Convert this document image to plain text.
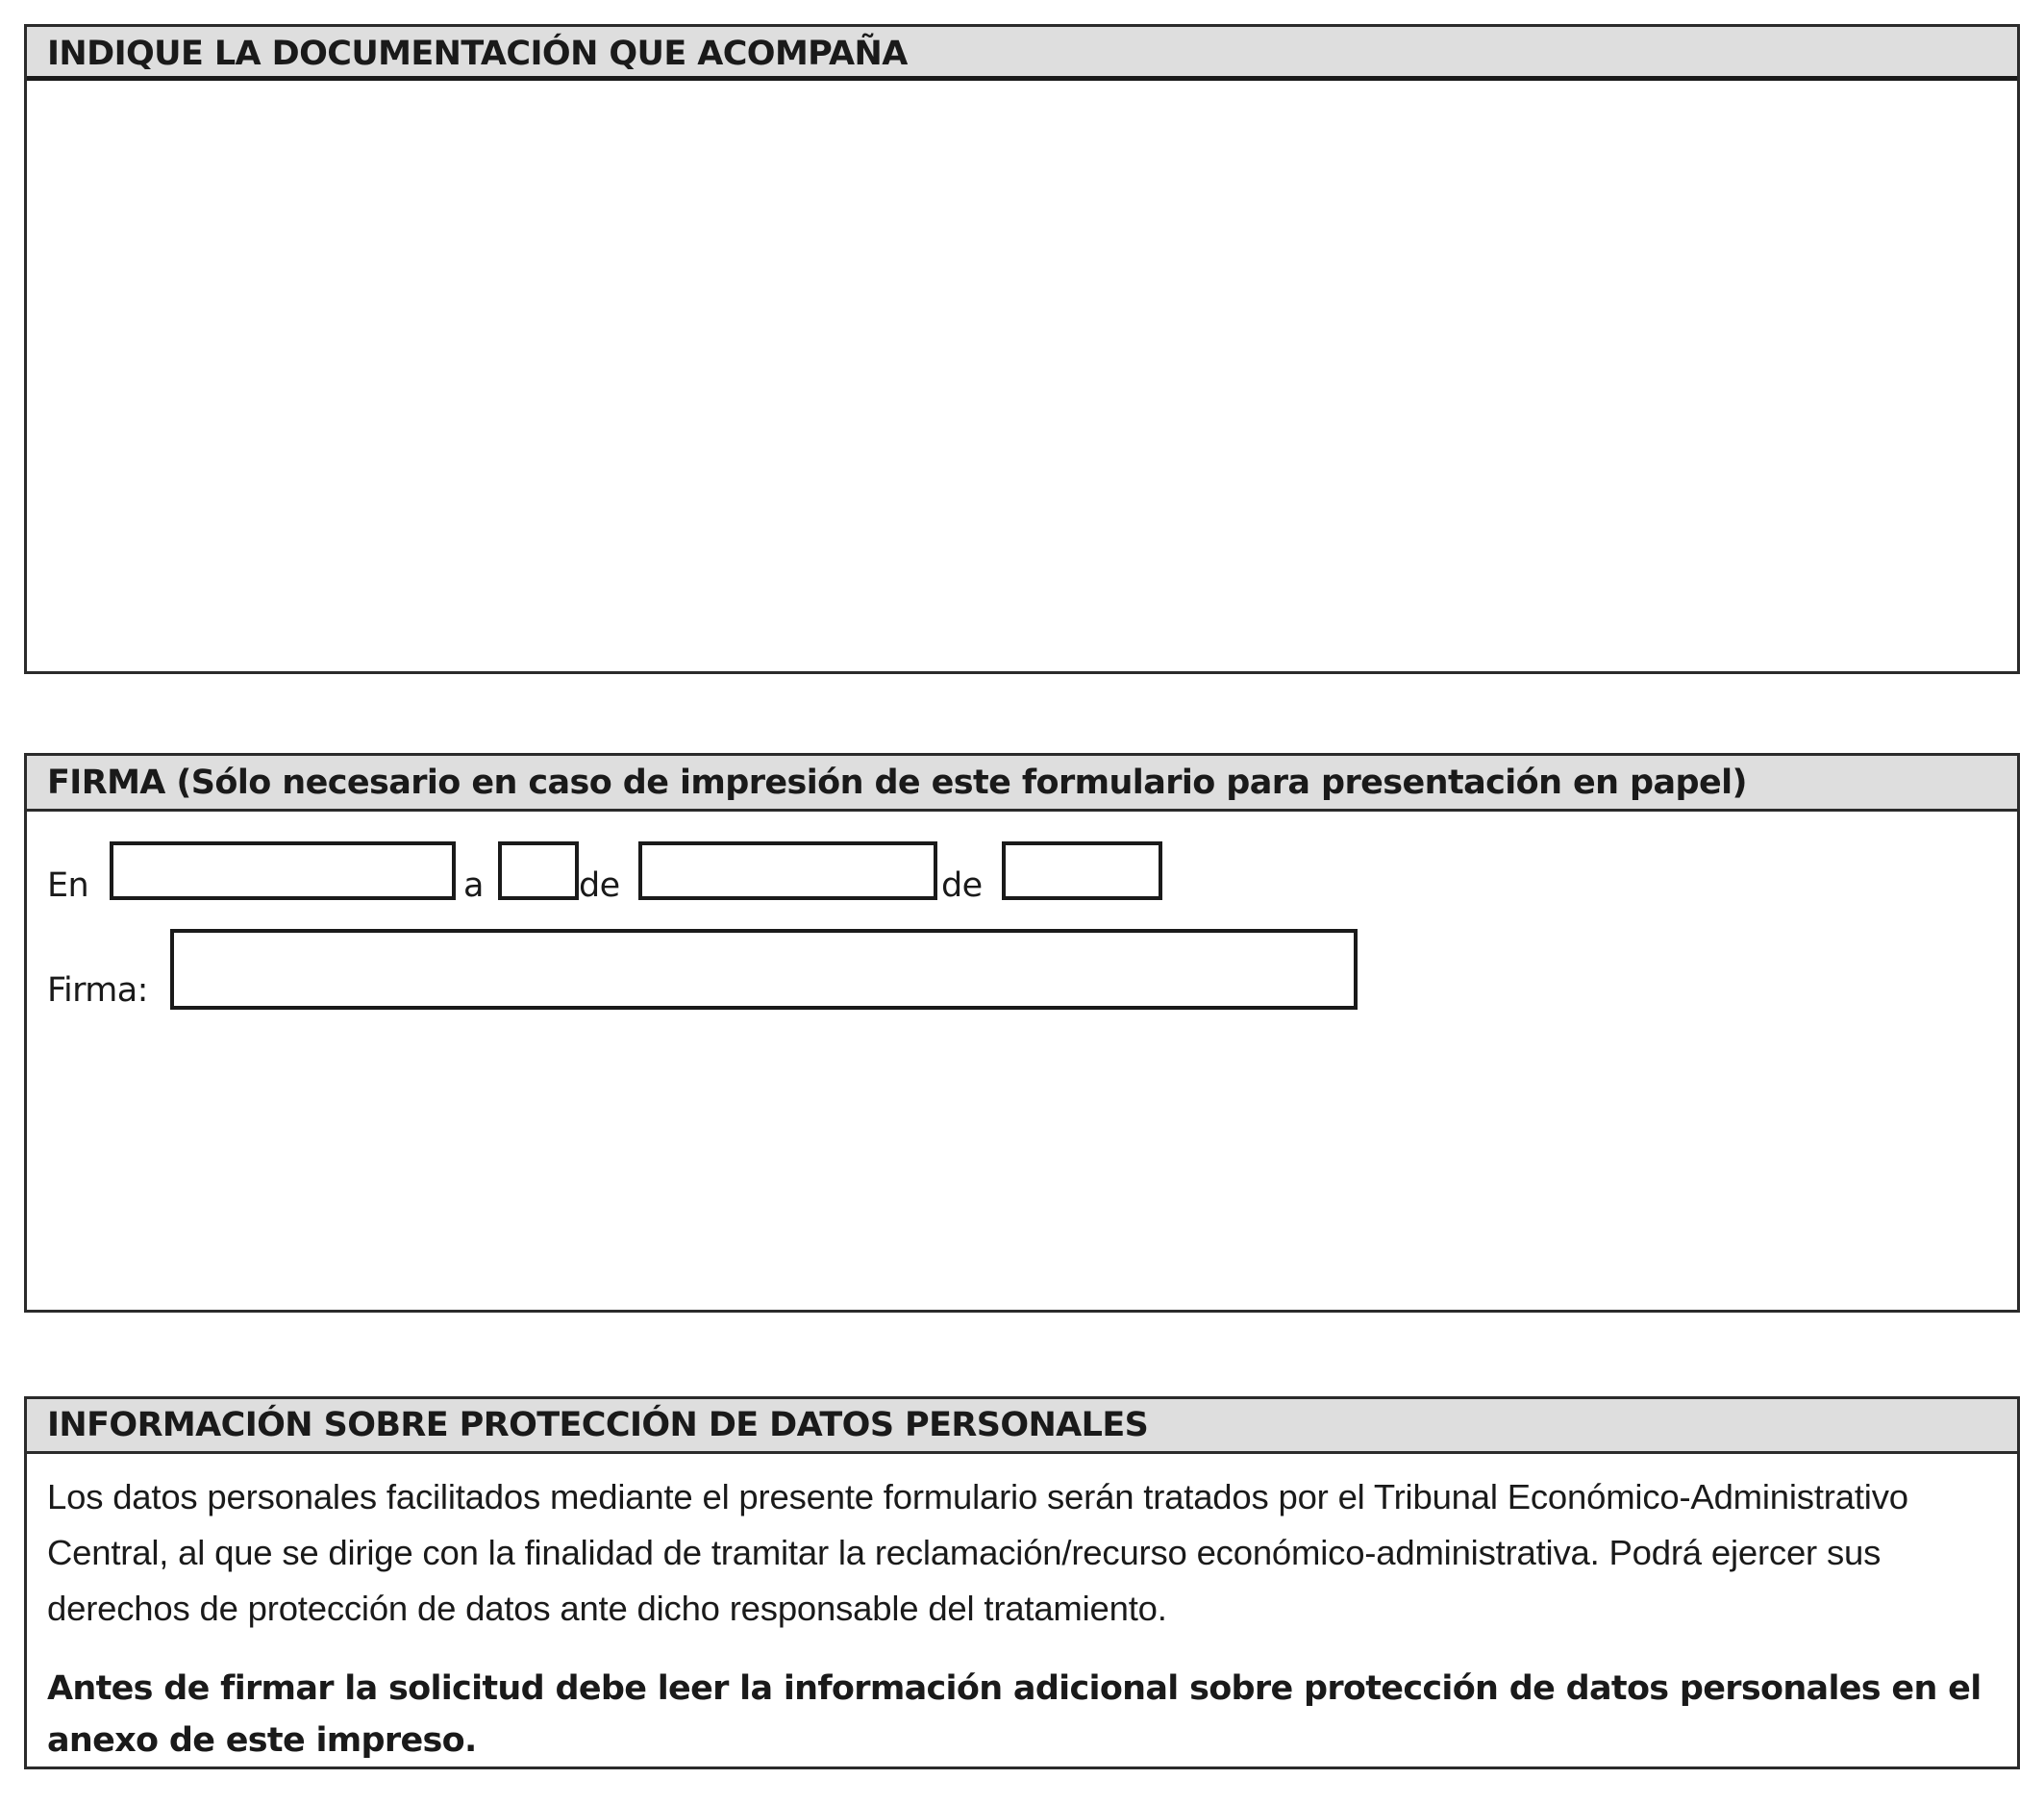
INDIQUE LA DOCUMENTACIÓN QUE ACOMPAÑA
FIRMA (Sólo necesario en caso de impresión de este formulario para presentación en papel)
En	a	de	de
Firma:
INFORMACIÓN SOBRE PROTECCIÓN DE DATOS PERSONALES
Los datos personales facilitados mediante el presente formulario serán tratados por el Tribunal Económico-Administrativo Central, al que se dirige con la finalidad de tramitar la reclamación/recurso económico-administrativa. Podrá ejercer sus derechos de protección de datos ante dicho responsable del tratamiento.
Antes de firmar la solicitud debe leer la información adicional sobre protección de datos personales en el anexo de este impreso.
